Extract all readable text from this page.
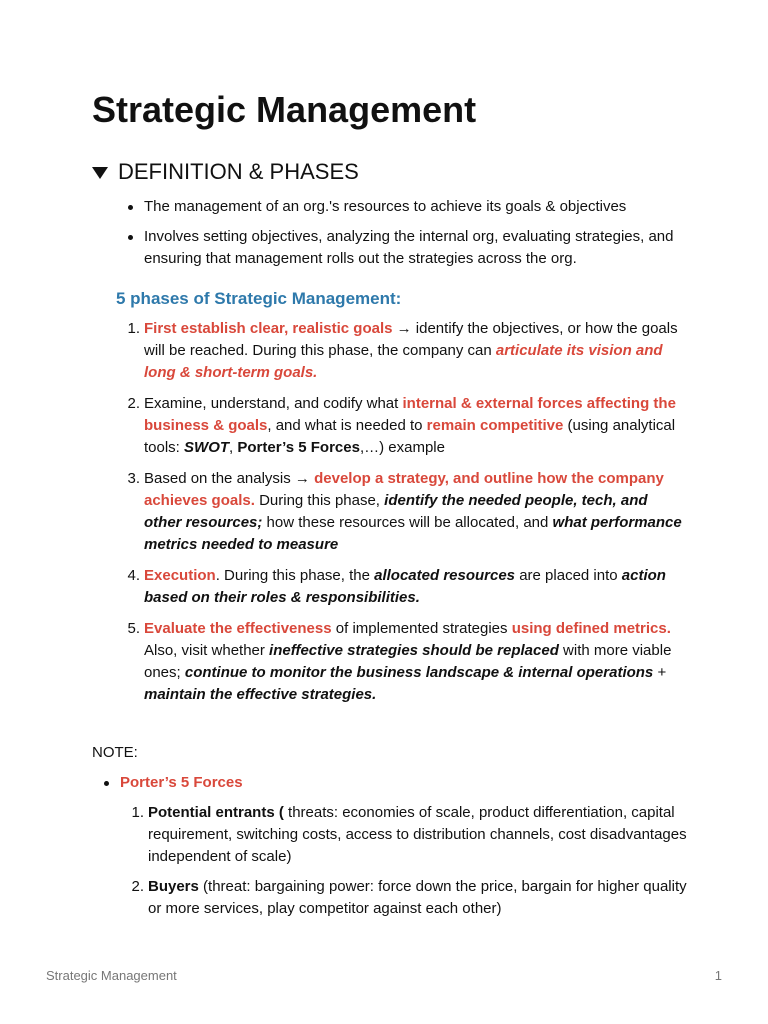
Strategic Management
DEFINITION & PHASES
The management of an org.'s resources to achieve its goals & objectives
Involves setting objectives, analyzing the internal org, evaluating strategies, and ensuring that management rolls out the strategies across the org.
5 phases of Strategic Management:
1. First establish clear, realistic goals → identify the objectives, or how the goals will be reached. During this phase, the company can articulate its vision and long & short-term goals.
2. Examine, understand, and codify what internal & external forces affecting the business & goals, and what is needed to remain competitive (using analytical tools: SWOT, Porter’s 5 Forces,…) example
3. Based on the analysis → develop a strategy, and outline how the company achieves goals. During this phase, identify the needed people, tech, and other resources; how these resources will be allocated, and what performance metrics needed to measure
4. Execution. During this phase, the allocated resources are placed into action based on their roles & responsibilities.
5. Evaluate the effectiveness of implemented strategies using defined metrics. Also, visit whether ineffective strategies should be replaced with more viable ones; continue to monitor the business landscape & internal operations + maintain the effective strategies.

NOTE:

Porter’s 5 Forces
1. Potential entrants ( threats: economies of scale, product differentiation, capital requirement, switching costs, access to distribution channels, cost disadvantages independent of scale)
2. Buyers (threat: bargaining power: force down the price, bargain for higher quality or more services, play competitor against each other)
Strategic Management	1
